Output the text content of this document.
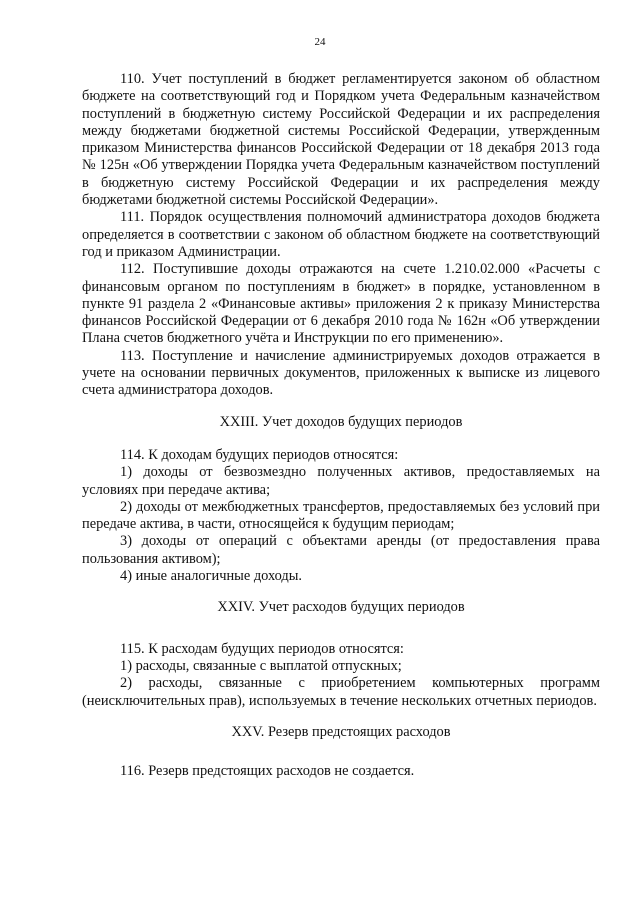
24

110. Учет поступлений в бюджет регламентируется законом об областном бюджете на соответствующий год и Порядком учета Федеральным казначейством поступлений в бюджетную систему Российской Федерации и их распределения между бюджетами бюджетной системы Российской Федерации, утвержденным приказом Министерства финансов Российской Федерации от 18 декабря 2013 года № 125н «Об утверждении Порядка учета Федеральным казначейством поступлений в бюджетную систему Российской Федерации и их распределения между бюджетами бюджетной системы Российской Федерации».

111. Порядок осуществления полномочий администратора доходов бюджета определяется в соответствии с законом об областном бюджете на соответствующий год и приказом Администрации.

112. Поступившие доходы отражаются на счете 1.210.02.000 «Расчеты с финансовым органом по поступлениям в бюджет» в порядке, установленном в пункте 91 раздела 2 «Финансовые активы» приложения 2 к приказу Министерства финансов Российской Федерации от 6 декабря 2010 года № 162н «Об утверждении Плана счетов бюджетного учёта и Инструкции по его применению».

113. Поступление и начисление администрируемых доходов отражается в учете на основании первичных документов, приложенных к выписке из лицевого счета администратора доходов.

XXIII. Учет доходов будущих периодов

114. К доходам будущих периодов относятся:

1) доходы от безвозмездно полученных активов, предоставляемых на условиях при передаче актива;

2) доходы от межбюджетных трансфертов, предоставляемых без условий при передаче актива, в части, относящейся к будущим периодам;

3) доходы от операций с объектами аренды (от предоставления права пользования активом);

4) иные аналогичные доходы.

XXIV. Учет расходов будущих периодов

115. К расходам будущих периодов относятся:

1) расходы, связанные с выплатой отпускных;

2) расходы, связанные с приобретением компьютерных программ (неисключительных прав), используемых в течение нескольких отчетных периодов.

XXV. Резерв предстоящих расходов

116. Резерв предстоящих расходов не создается.
